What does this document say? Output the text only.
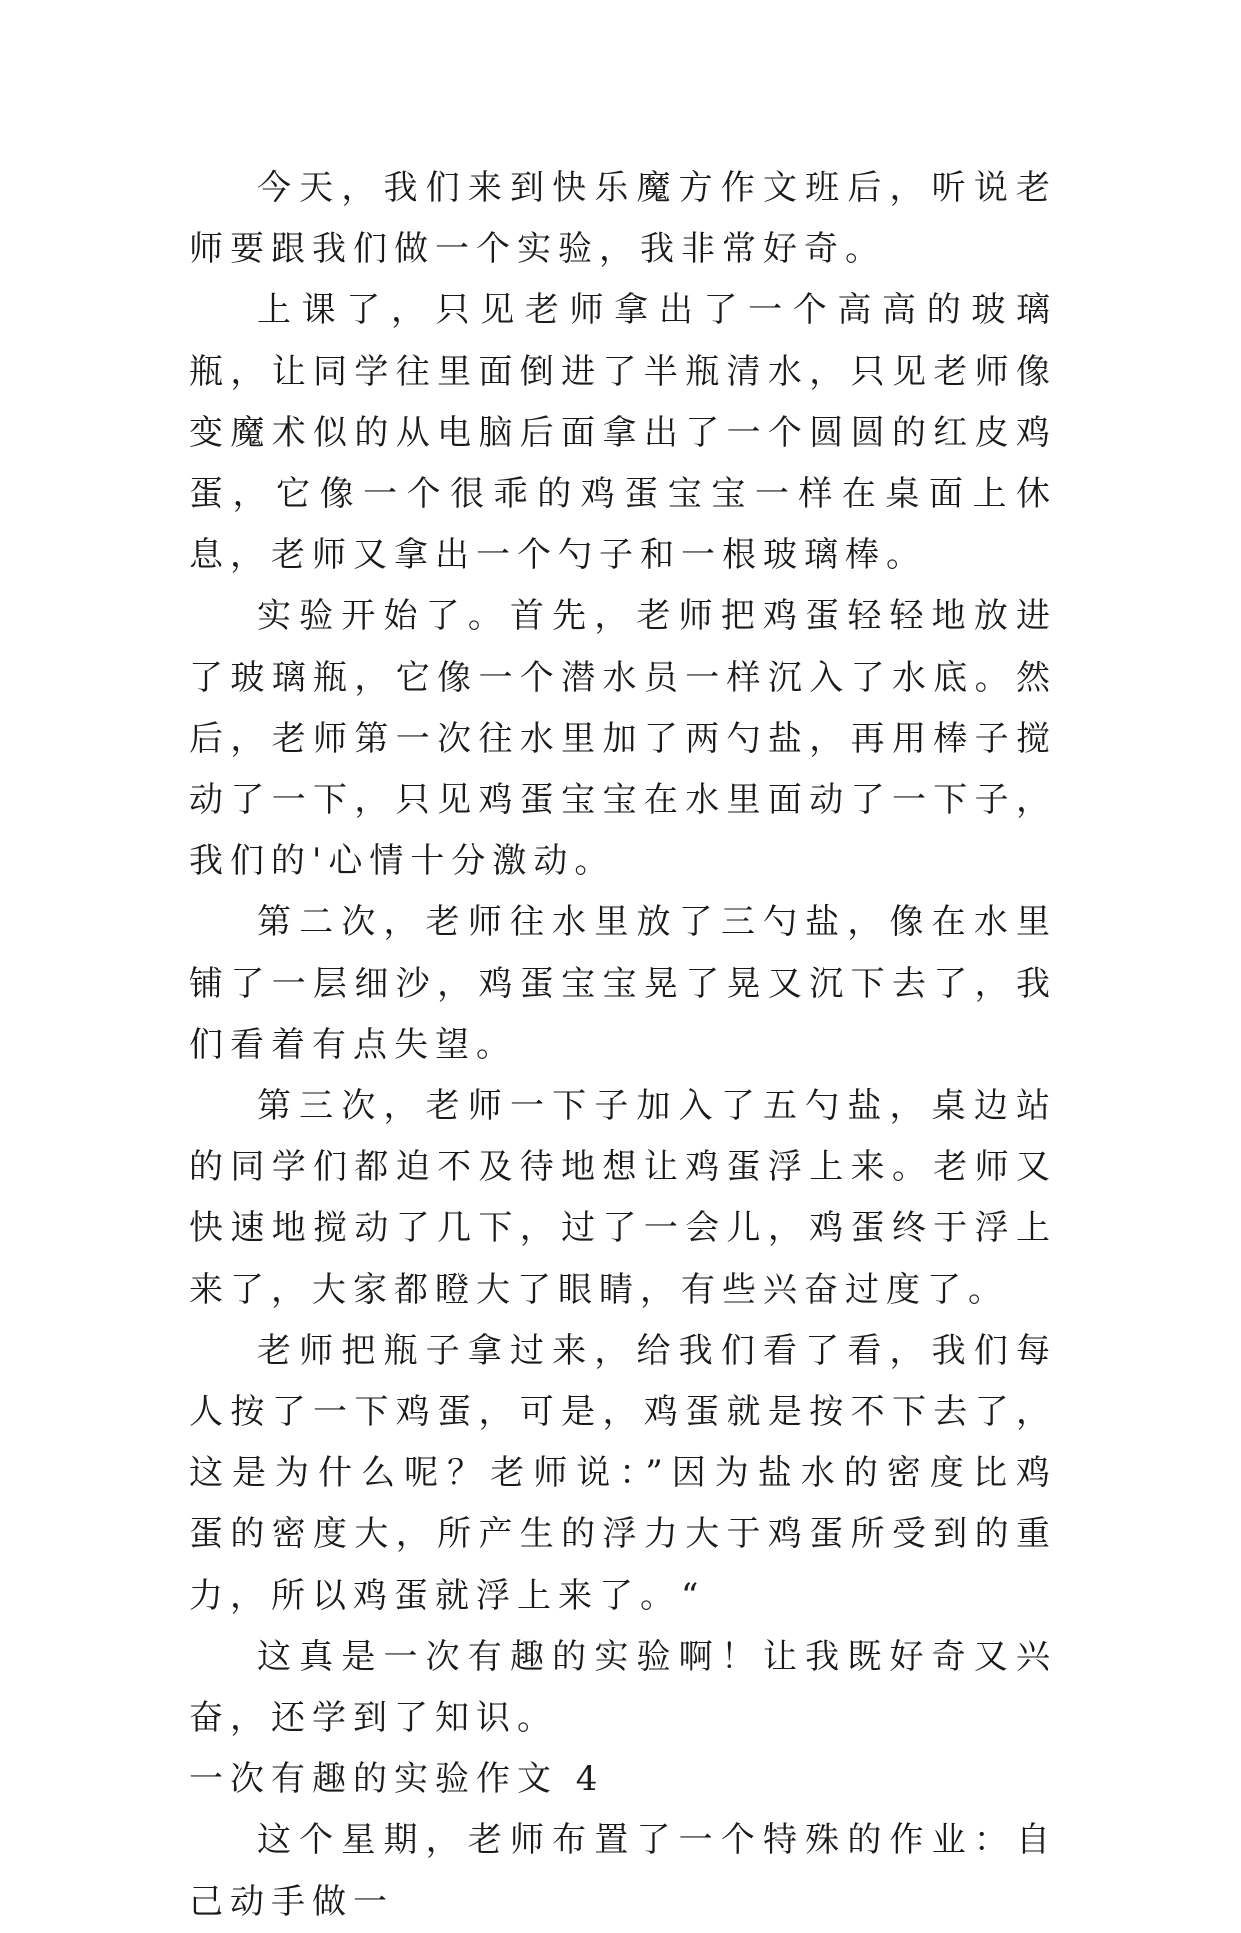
今天，我们来到快乐魔方作文班后，听说老师要跟我们做一个实验，我非常好奇。

上课了，只见老师拿出了一个高高的玻璃瓶，让同学往里面倒进了半瓶清水，只见老师像变魔术似的从电脑后面拿出了一个圆圆的红皮鸡蛋，它像一个很乖的鸡蛋宝宝一样在桌面上休息，老师又拿出一个勺子和一根玻璃棒。

实验开始了。首先，老师把鸡蛋轻轻地放进了玻璃瓶，它像一个潜水员一样沉入了水底。然后，老师第一次往水里加了两勺盐，再用棒子搅动了一下，只见鸡蛋宝宝在水里面动了一下子，我们的'心情十分激动。

第二次，老师往水里放了三勺盐，像在水里铺了一层细沙，鸡蛋宝宝晃了晃又沉下去了，我们看着有点失望。

第三次，老师一下子加入了五勺盐，桌边站的同学们都迫不及待地想让鸡蛋浮上来。老师又快速地搅动了几下，过了一会儿，鸡蛋终于浮上来了，大家都瞪大了眼睛，有些兴奋过度了。

老师把瓶子拿过来，给我们看了看，我们每人按了一下鸡蛋，可是，鸡蛋就是按不下去了，这是为什么呢？老师说：”因为盐水的密度比鸡蛋的密度大，所产生的浮力大于鸡蛋所受到的重力，所以鸡蛋就浮上来了。“

这真是一次有趣的实验啊！让我既好奇又兴奋，还学到了知识。

一次有趣的实验作文 4

这个星期，老师布置了一个特殊的作业：自己动手做一
